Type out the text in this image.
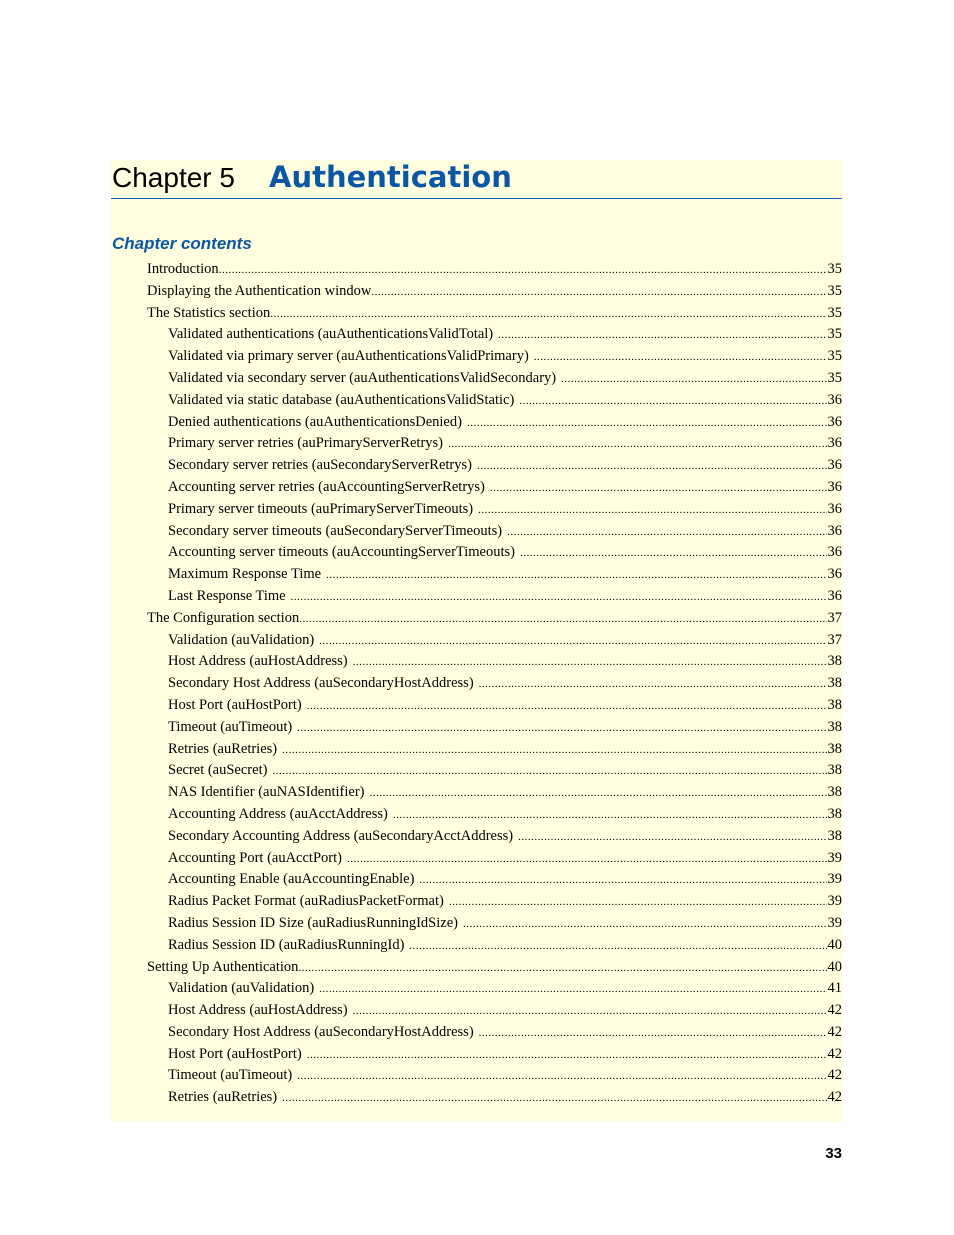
Chapter 5 Authentication
Chapter contents
Introduction .....	35
Displaying the Authentication window .....	35
The Statistics section .....	35
Validated authentications (auAuthenticationsValidTotal) .....	35
Validated via primary server (auAuthenticationsValidPrimary) .....	35
Validated via secondary server (auAuthenticationsValidSecondary) .....	35
Validated via static database (auAuthenticationsValidStatic) .....	36
Denied authentications (auAuthenticationsDenied) .....	36
Primary server retries (auPrimaryServerRetrys) .....	36
Secondary server retries (auSecondaryServerRetrys) .....	36
Accounting server retries (auAccountingServerRetrys) .....	36
Primary server timeouts (auPrimaryServerTimeouts) .....	36
Secondary server timeouts (auSecondaryServerTimeouts) .....	36
Accounting server timeouts (auAccountingServerTimeouts) .....	36
Maximum Response Time .....	36
Last Response Time .....	36
The Configuration section .....	37
Validation (auValidation) .....	37
Host Address (auHostAddress) .....	38
Secondary Host Address (auSecondaryHostAddress) .....	38
Host Port (auHostPort) .....	38
Timeout (auTimeout) .....	38
Retries (auRetries) .....	38
Secret (auSecret) .....	38
NAS Identifier (auNASIdentifier) .....	38
Accounting Address (auAcctAddress) .....	38
Secondary Accounting Address (auSecondaryAcctAddress) .....	38
Accounting Port (auAcctPort) .....	39
Accounting Enable (auAccountingEnable) .....	39
Radius Packet Format (auRadiusPacketFormat) .....	39
Radius Session ID Size (auRadiusRunningIdSize) .....	39
Radius Session ID (auRadiusRunningId) .....	40
Setting Up Authentication .....	40
Validation (auValidation) .....	41
Host Address (auHostAddress) .....	42
Secondary Host Address (auSecondaryHostAddress) .....	42
Host Port (auHostPort) .....	42
Timeout (auTimeout) .....	42
Retries (auRetries) .....	42
33
